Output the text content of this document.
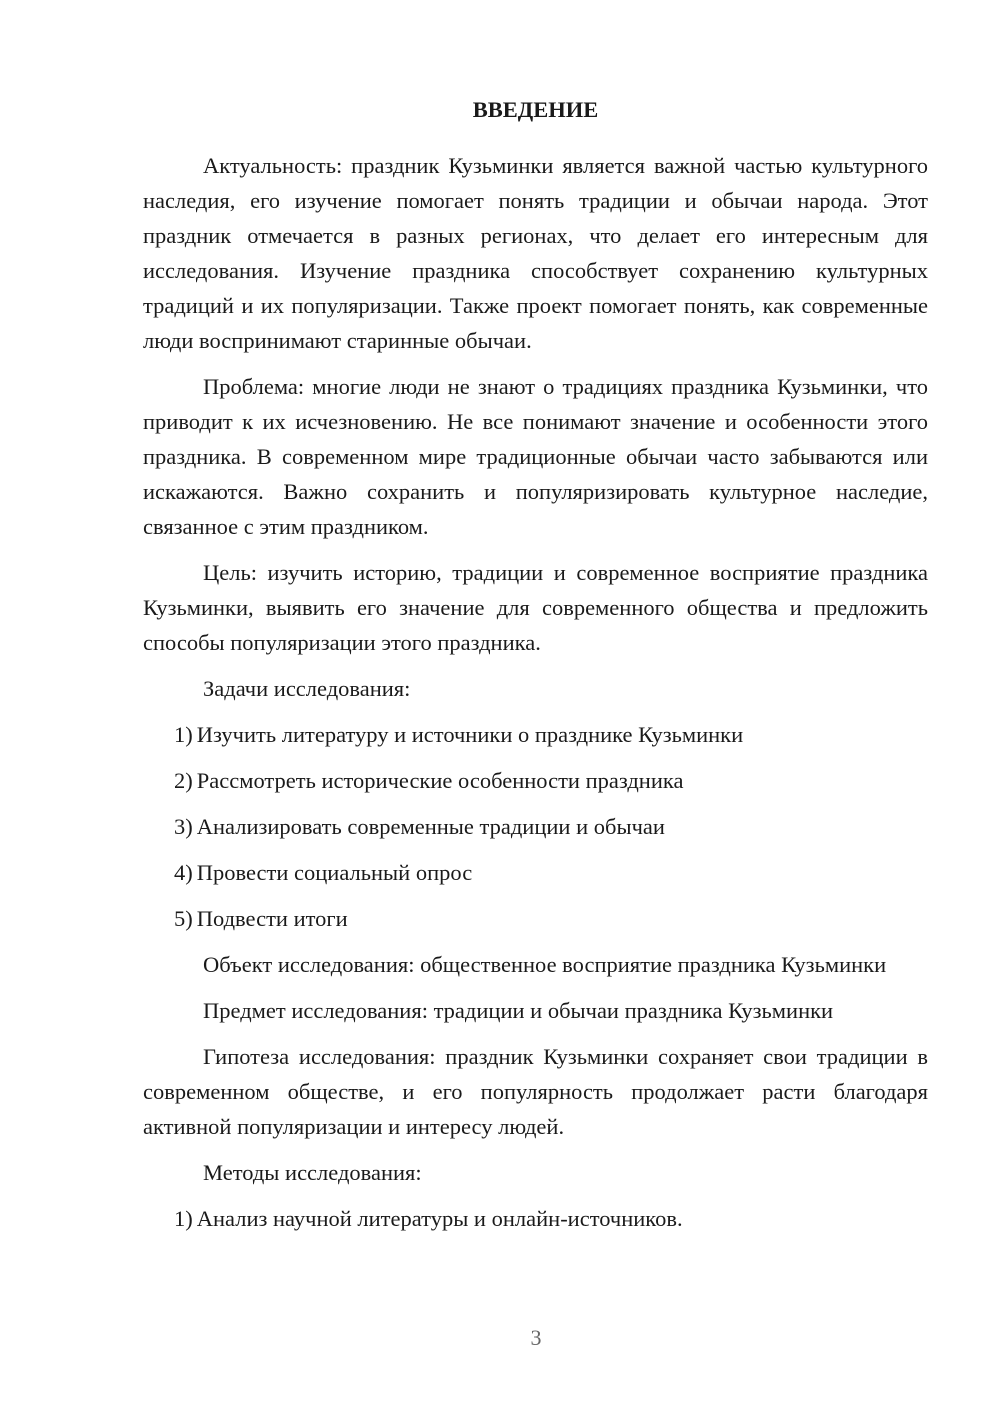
ВВЕДЕНИЕ

Актуальность: праздник Кузьминки является важной частью культурного наследия, его изучение помогает понять традиции и обычаи народа. Этот праздник отмечается в разных регионах, что делает его интересным для исследования. Изучение праздника способствует сохранению культурных традиций и их популяризации. Также проект помогает понять, как современные люди воспринимают старинные обычаи.

Проблема: многие люди не знают о традициях праздника Кузьминки, что приводит к их исчезновению. Не все понимают значение и особенности этого праздника. В современном мире традиционные обычаи часто забываются или искажаются. Важно сохранить и популяризировать культурное наследие, связанное с этим праздником.

Цель: изучить историю, традиции и современное восприятие праздника Кузьминки, выявить его значение для современного общества и предложить способы популяризации этого праздника.

Задачи исследования:

1) Изучить литературу и источники о празднике Кузьминки
2) Рассмотреть исторические особенности праздника
3) Анализировать современные традиции и обычаи
4) Провести социальный опрос
5) Подвести итоги

Объект исследования: общественное восприятие праздника Кузьминки

Предмет исследования: традиции и обычаи праздника Кузьминки

Гипотеза исследования: праздник Кузьминки сохраняет свои традиции в современном обществе, и его популярность продолжает расти благодаря активной популяризации и интересу людей.

Методы исследования:

1) Анализ научной литературы и онлайн-источников.
3
